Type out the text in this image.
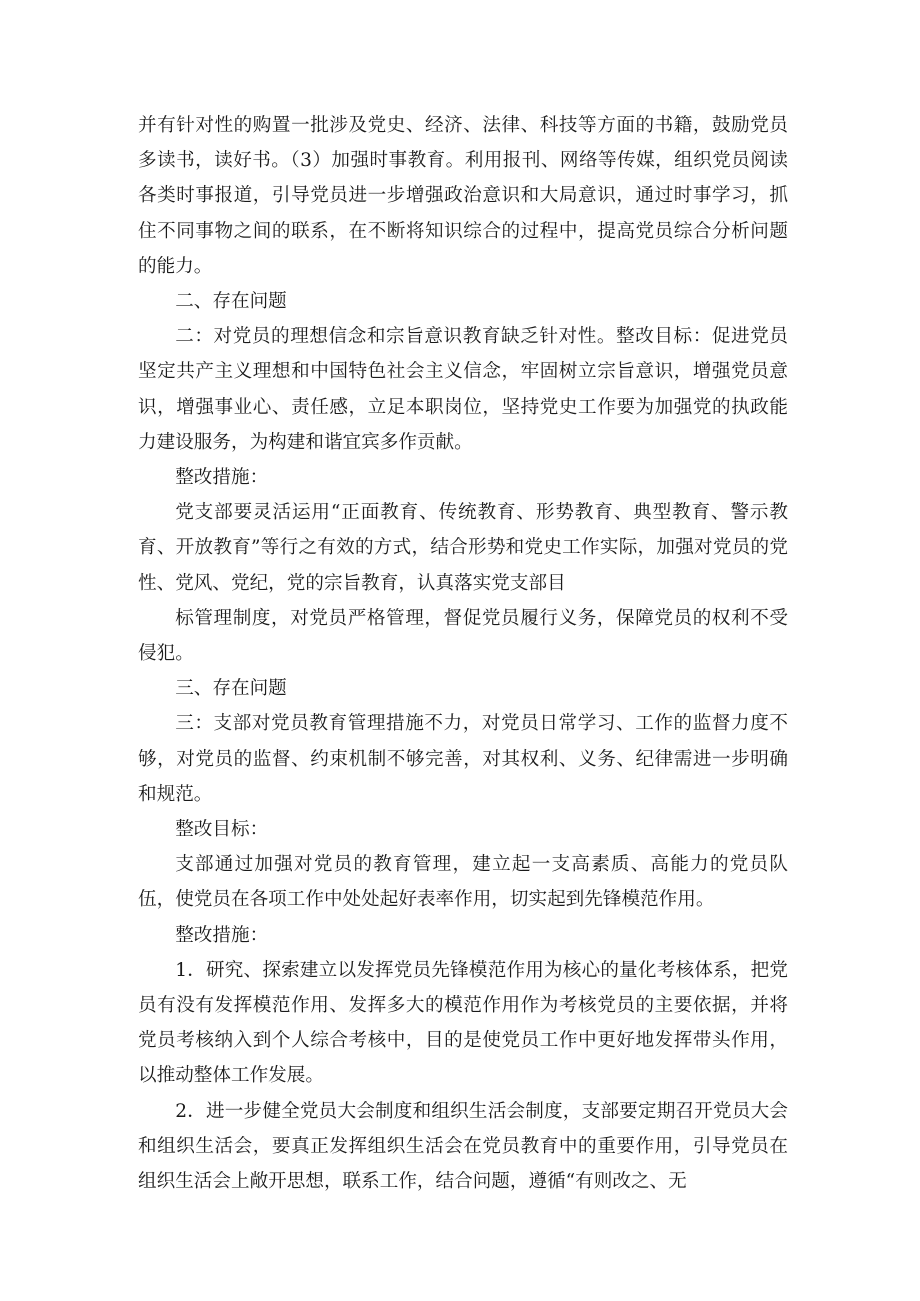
并有针对性的购置一批涉及党史、经济、法律、科技等方面的书籍，鼓励党员多读书，读好书。（3）加强时事教育。利用报刊、网络等传媒，组织党员阅读各类时事报道，引导党员进一步增强政治意识和大局意识，通过时事学习，抓住不同事物之间的联系，在不断将知识综合的过程中，提高党员综合分析问题的能力。

二、存在问题

二：对党员的理想信念和宗旨意识教育缺乏针对性。整改目标：促进党员坚定共产主义理想和中国特色社会主义信念，牢固树立宗旨意识，增强党员意识，增强事业心、责任感，立足本职岗位，坚持党史工作要为加强党的执政能力建设服务，为构建和谐宜宾多作贡献。

整改措施：

党支部要灵活运用“正面教育、传统教育、形势教育、典型教育、警示教育、开放教育”等行之有效的方式，结合形势和党史工作实际，加强对党员的党性、党风、党纪，党的宗旨教育，认真落实党支部目

标管理制度，对党员严格管理，督促党员履行义务，保障党员的权利不受侵犯。

三、存在问题

三：支部对党员教育管理措施不力，对党员日常学习、工作的监督力度不够，对党员的监督、约束机制不够完善，对其权利、义务、纪律需进一步明确和规范。

整改目标：

支部通过加强对党员的教育管理，建立起一支高素质、高能力的党员队伍，使党员在各项工作中处处起好表率作用，切实起到先锋模范作用。

整改措施：

1．研究、探索建立以发挥党员先锋模范作用为核心的量化考核体系，把党员有没有发挥模范作用、发挥多大的模范作用作为考核党员的主要依据，并将党员考核纳入到个人综合考核中，目的是使党员工作中更好地发挥带头作用，以推动整体工作发展。

2．进一步健全党员大会制度和组织生活会制度，支部要定期召开党员大会和组织生活会，要真正发挥组织生活会在党员教育中的重要作用，引导党员在组织生活会上敞开思想，联系工作，结合问题，遵循“有则改之、无
